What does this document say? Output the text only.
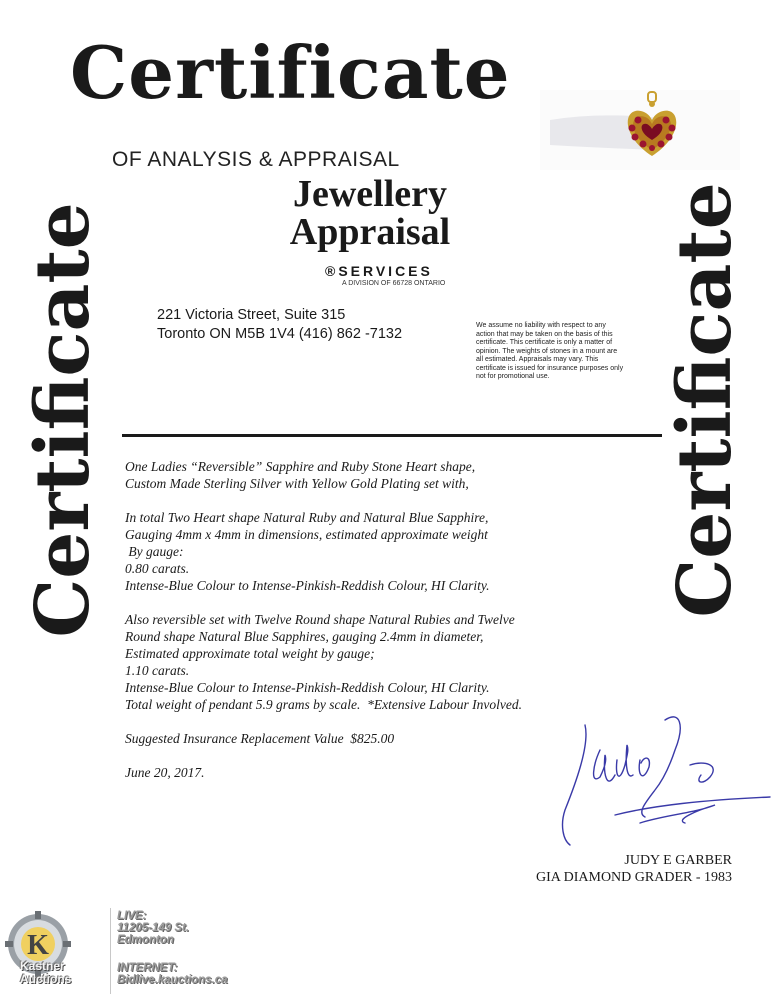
Certificate
Certificate	Certificate
OF ANALYSIS & APPRAISAL
Jewellery
Appraisal
®SERVICES
A DIVISION OF 66728 ONTARIO
221 Victoria Street, Suite 315
Toronto ON M5B 1V4 (416) 862 -7132
We assume no liability with respect to any action that may be taken on the basis of this certificate. This certificate is only a matter of opinion. The weights of stones in a mount are all estimated. Appraisals may vary. This certificate is issued for insurance purposes only not for promotional use.

One Ladies “Reversible” Sapphire and Ruby Stone Heart shape,

Custom Made Sterling Silver with Yellow Gold Plating set with,

In total Two Heart shape Natural Ruby and Natural Blue Sapphire,

Gauging 4mm x 4mm in dimensions, estimated approximate weight

By gauge:

0.80 carats.

Intense-Blue Colour to Intense-Pinkish-Reddish Colour, HI Clarity.

Also reversible set with Twelve Round shape Natural Rubies and Twelve

Round shape Natural Blue Sapphires, gauging 2.4mm in diameter,

Estimated approximate total weight by gauge;

1.10 carats.

Intense-Blue Colour to Intense-Pinkish-Reddish Colour, HI Clarity.

Total weight of pendant 5.9 grams by scale.  *Extensive Labour Involved.

Suggested Insurance Replacement Value  $825.00

June 20, 2017.

JUDY E GARBER
GIA DIAMOND GRADER - 1983
K
Kastner
Auctions
LIVE:
11205-149 St.
Edmonton
INTERNET:
Bidlive.kauctions.ca
